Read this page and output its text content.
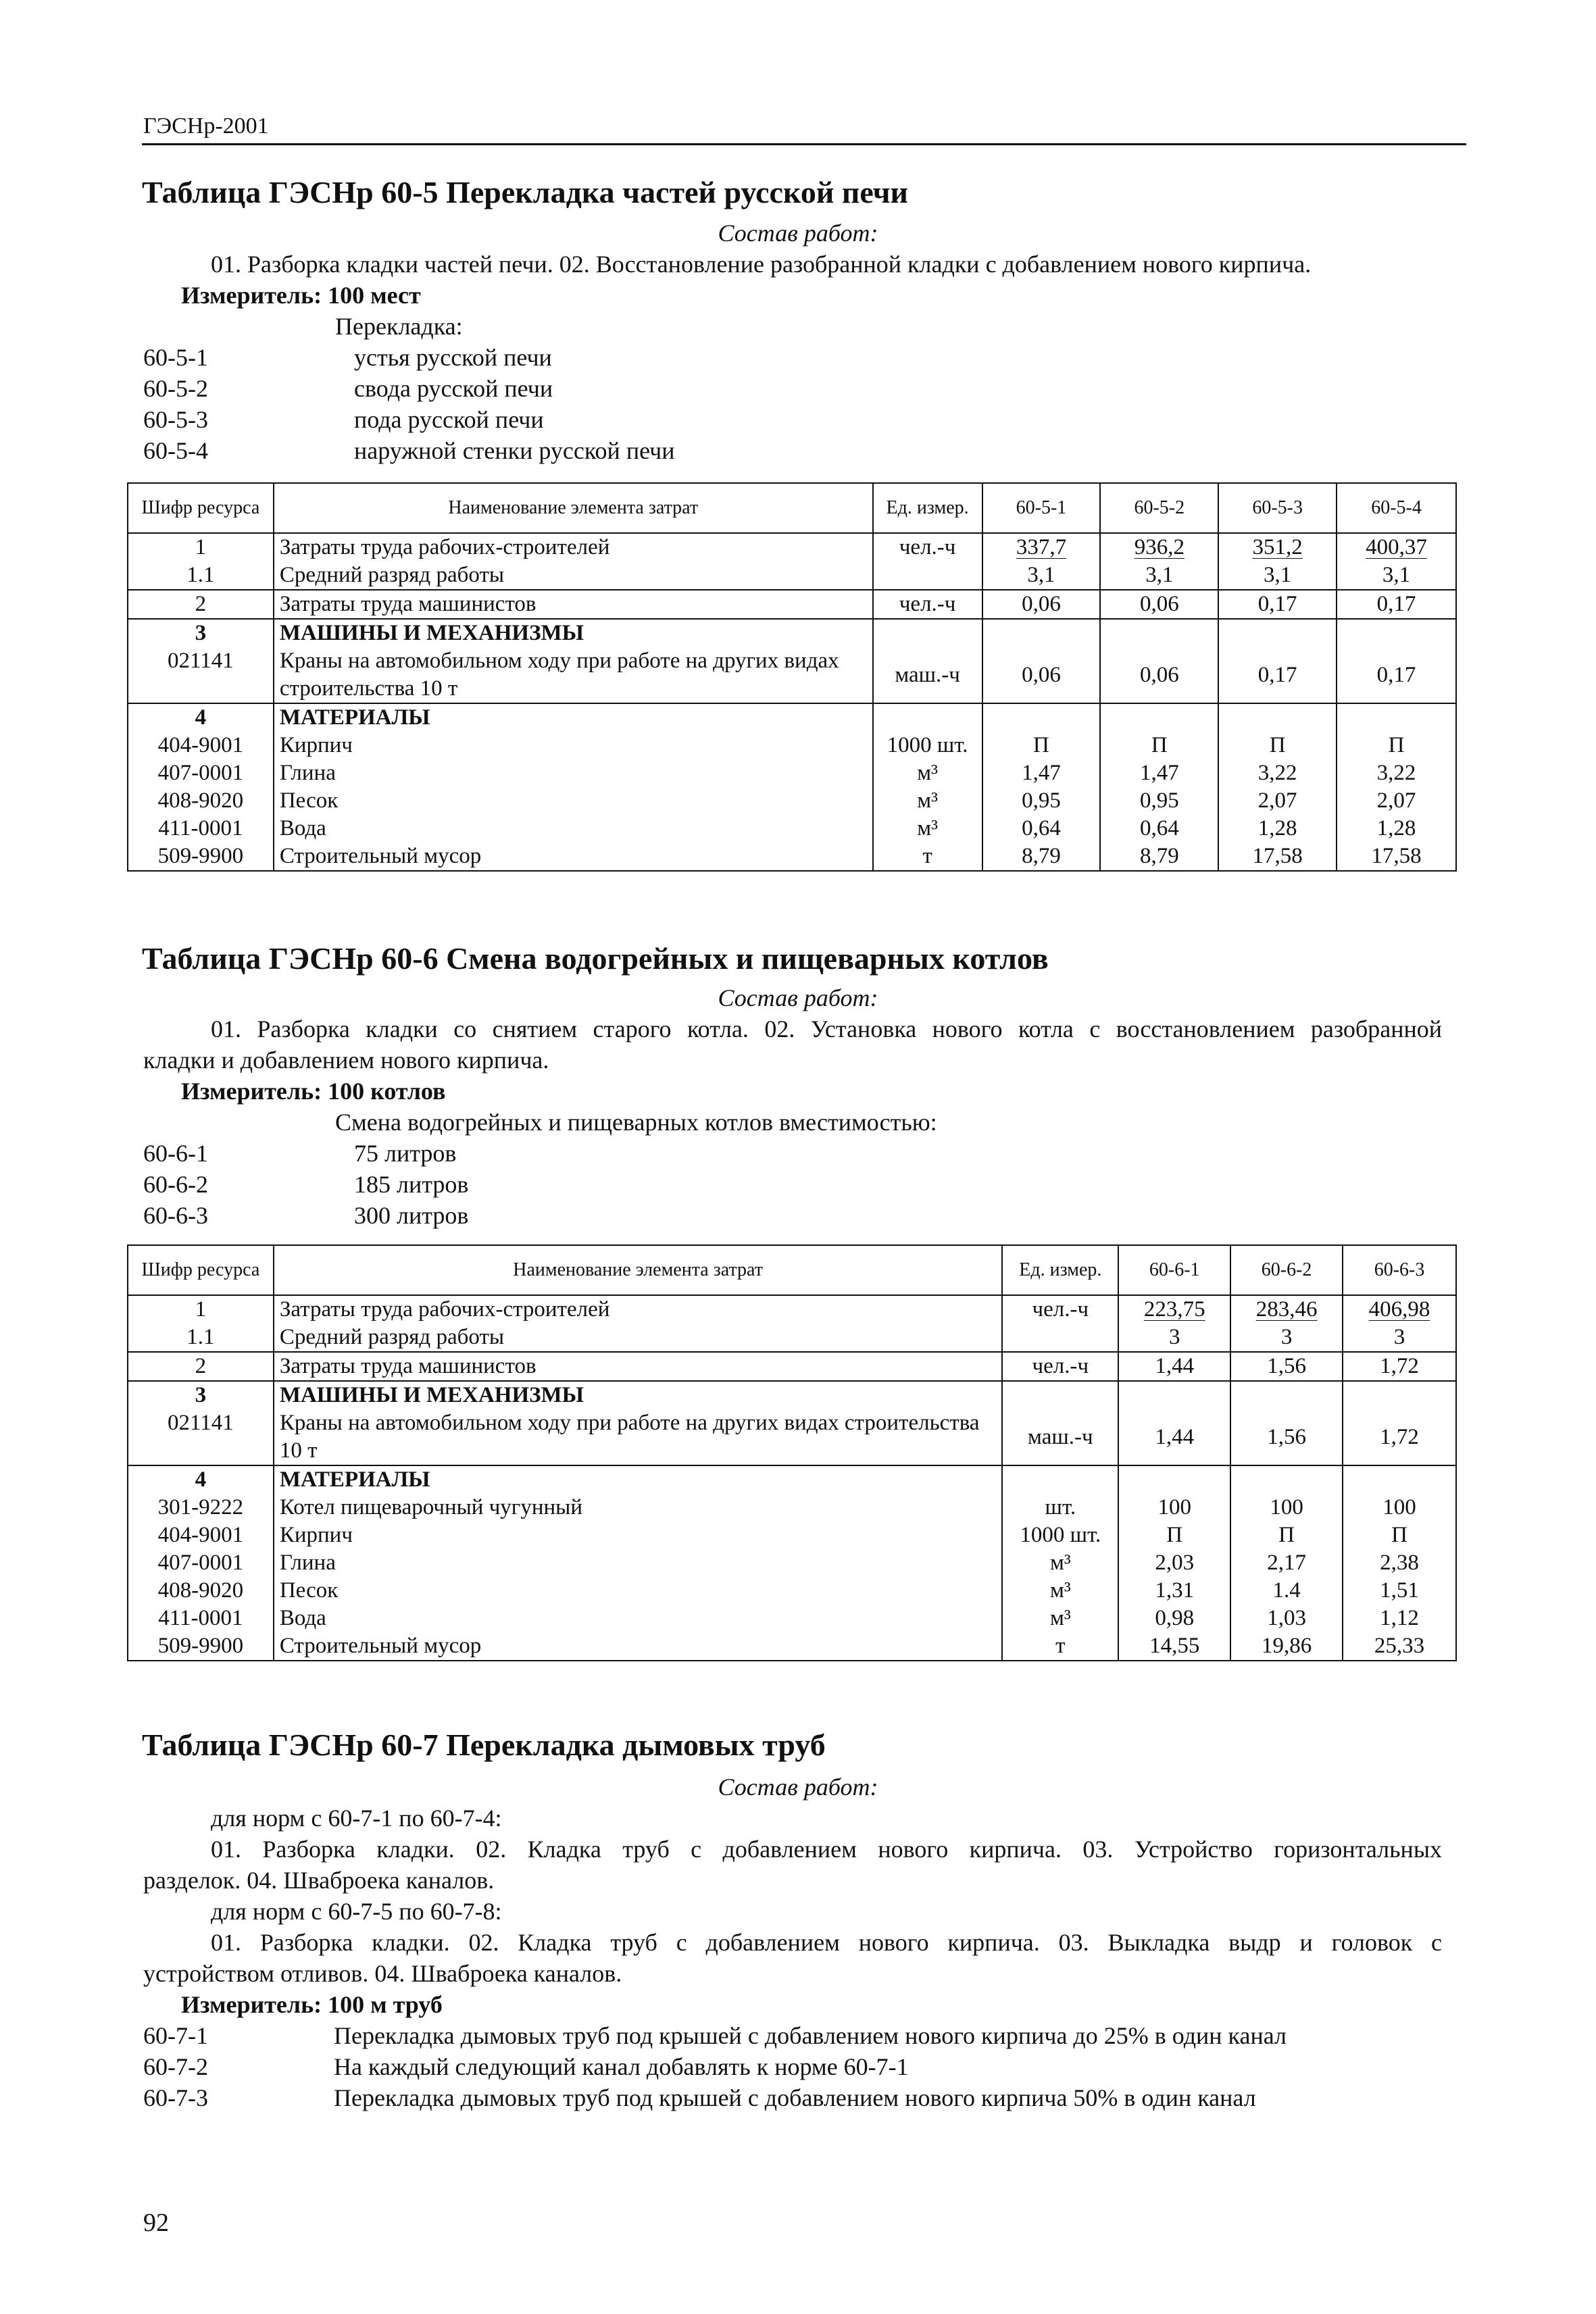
ГЭСНр-2001
Таблица ГЭСНр 60-5 Перекладка частей русской печи
Состав работ:
01. Разборка кладки частей печи. 02. Восстановление разобранной кладки с добавлением нового кирпича.
Измеритель: 100 мест
Перекладка:
60-5-1	устья русской печи
60-5-2	свода русской печи
60-5-3	пода русской печи
60-5-4	наружной стенки русской печи
Шифр ресурса	Наименование элемента затрат	Ед. измер.	60-5-1	60-5-2	60-5-3	60-5-4
1	Затраты труда рабочих-строителей	чел.-ч	337,7	936,2	351,2	400,37
1.1	Средний разряд работы		3,1	3,1	3,1	3,1
2	Затраты труда машинистов	чел.-ч	0,06	0,06	0,17	0,17
3	МАШИНЫ И МЕХАНИЗМЫ					
021141	Краны на автомобильном ходу при работе на других видах строительства 10 т	маш.-ч	0,06	0,06	0,17	0,17
4	МАТЕРИАЛЫ					
404-9001	Кирпич	1000 шт.	П	П	П	П
407-0001	Глина	м³	1,47	1,47	3,22	3,22
408-9020	Песок	м³	0,95	0,95	2,07	2,07
411-0001	Вода	м³	0,64	0,64	1,28	1,28
509-9900	Строительный мусор	т	8,79	8,79	17,58	17,58
Таблица ГЭСНр 60-6 Смена водогрейных и пищеварных котлов
Состав работ:
01. Разборка кладки со снятием старого котла. 02. Установка нового котла с восстановлением разобранной
кладки и добавлением нового кирпича.
Измеритель: 100 котлов
Смена водогрейных и пищеварных котлов вместимостью:
60-6-1	75 литров
60-6-2	185 литров
60-6-3	300 литров
Шифр ресурса	Наименование элемента затрат	Ед. измер.	60-6-1	60-6-2	60-6-3
1	Затраты труда рабочих-строителей	чел.-ч	223,75	283,46	406,98
1.1	Средний разряд работы		3	3	3
2	Затраты труда машинистов	чел.-ч	1,44	1,56	1,72
3	МАШИНЫ И МЕХАНИЗМЫ				
021141	Краны на автомобильном ходу при работе на других видах строительства 10 т	маш.-ч	1,44	1,56	1,72
4	МАТЕРИАЛЫ				
301-9222	Котел пищеварочный чугунный	шт.	100	100	100
404-9001	Кирпич	1000 шт.	П	П	П
407-0001	Глина	м³	2,03	2,17	2,38
408-9020	Песок	м³	1,31	1.4	1,51
411-0001	Вода	м³	0,98	1,03	1,12
509-9900	Строительный мусор	т	14,55	19,86	25,33
Таблица ГЭСНр 60-7 Перекладка дымовых труб
Состав работ:
для норм с 60-7-1 по 60-7-4:
01. Разборка кладки. 02. Кладка труб с добавлением нового кирпича. 03. Устройство горизонтальных
разделок. 04. Шваброека каналов.
для норм с 60-7-5 по 60-7-8:
01. Разборка кладки. 02. Кладка труб с добавлением нового кирпича. 03. Выкладка выдр и головок с
устройством отливов. 04. Шваброека каналов.
Измеритель: 100 м труб
60-7-1	Перекладка дымовых труб под крышей с добавлением нового кирпича до 25% в один канал
60-7-2	На каждый следующий канал добавлять к норме 60-7-1
60-7-3	Перекладка дымовых труб под крышей с добавлением нового кирпича 50% в один канал
92
